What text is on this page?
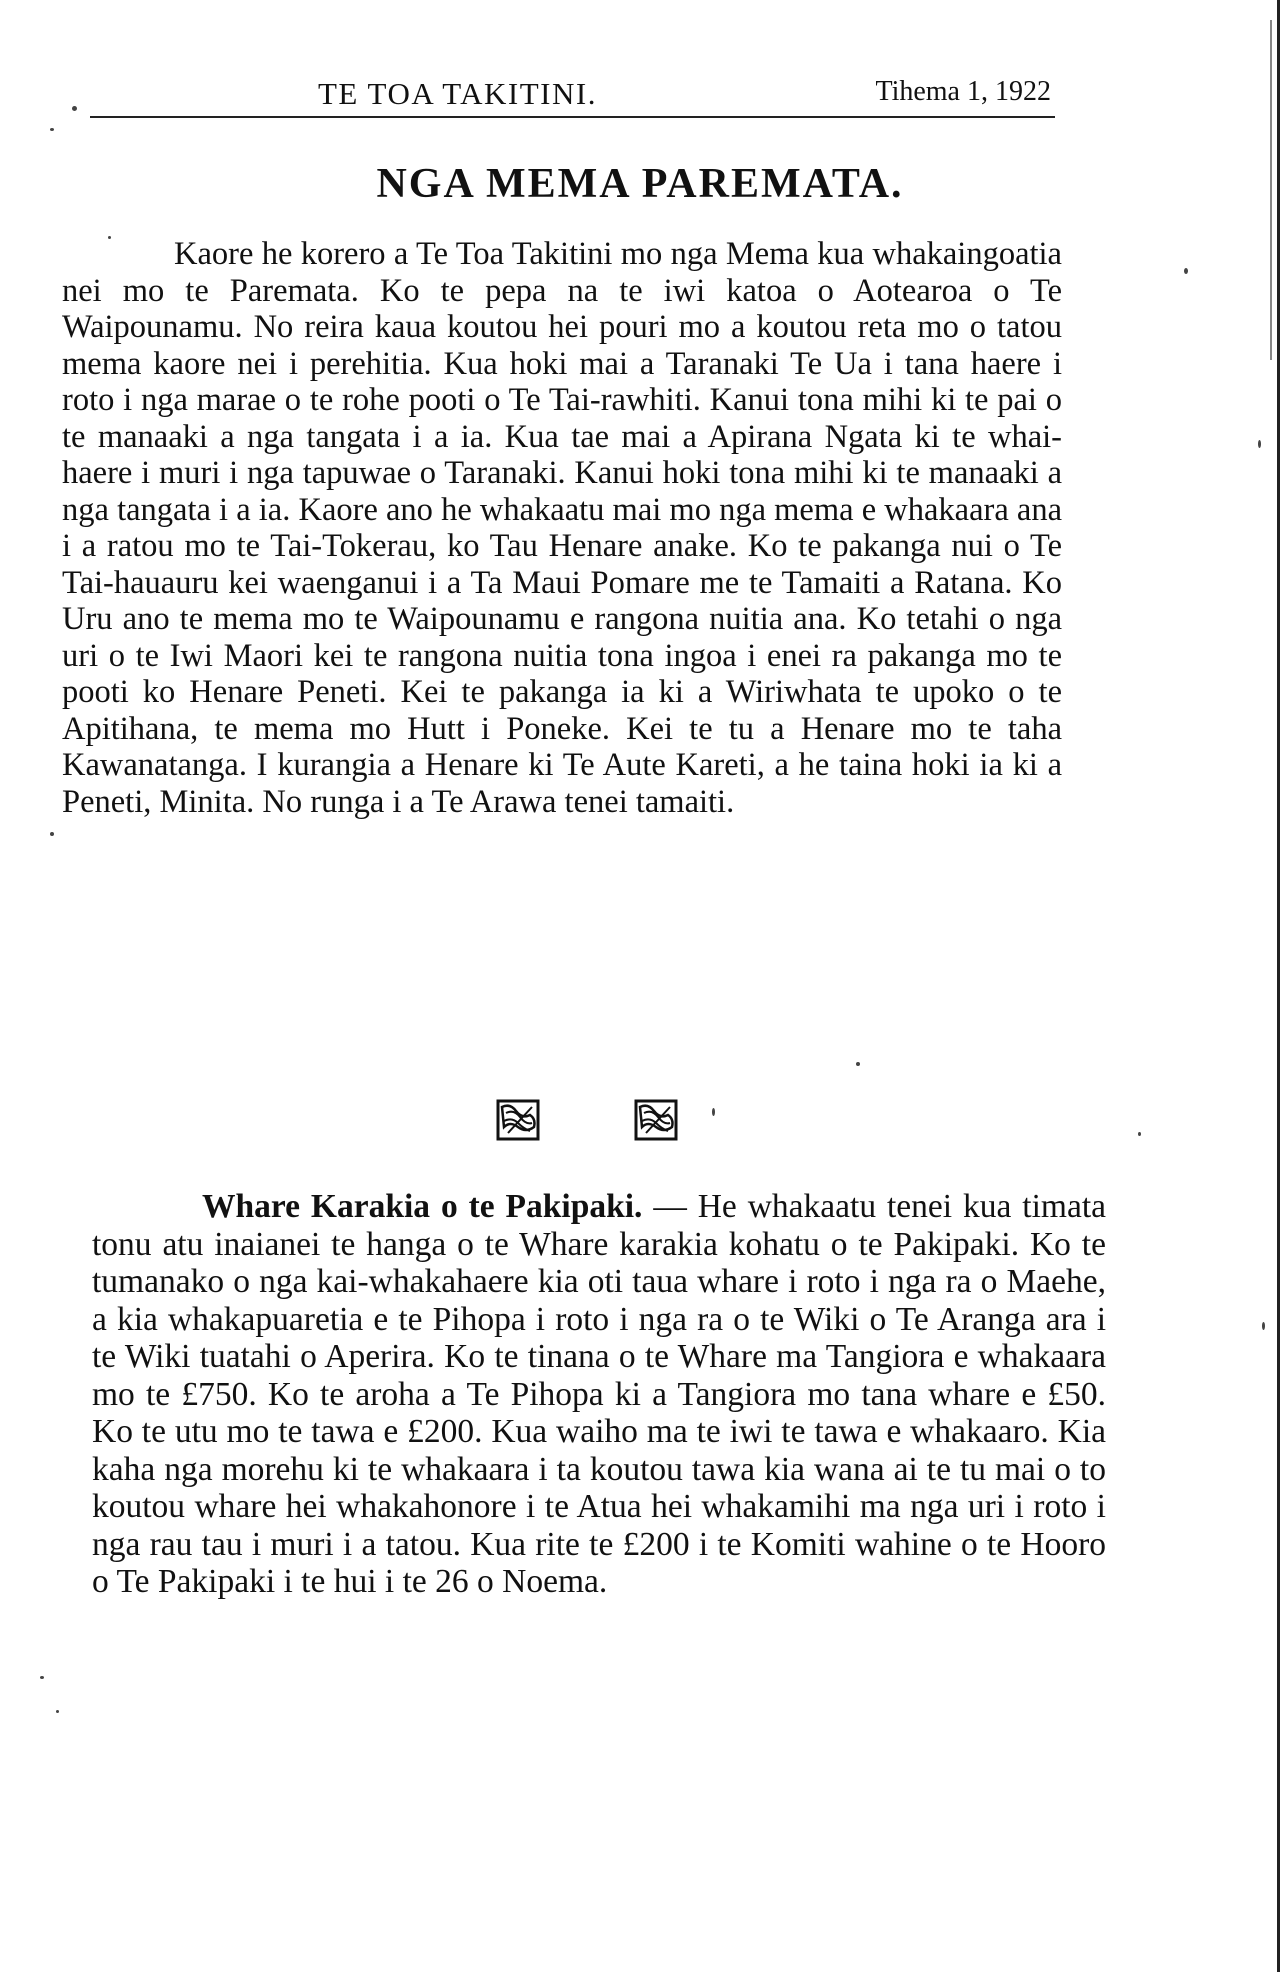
TE TOA TAKITINI.	Tihema 1, 1922
NGA MEMA PAREMATA.

Kaore he korero a Te Toa Takitini mo nga Mema kua whakaingoatia nei mo te Paremata. Ko te pepa na te iwi katoa o Aotearoa o Te Waipounamu. No reira kaua koutou hei pouri mo a koutou reta mo o tatou mema kaore nei i perehitia. Kua hoki mai a Taranaki Te Ua i tana haere i roto i nga marae o te rohe pooti o Te Tai-rawhiti. Kanui tona mihi ki te pai o te manaaki a nga tangata i a ia. Kua tae mai a Apirana Ngata ki te whai-haere i muri i nga tapuwae o Taranaki. Kanui hoki tona mihi ki te manaaki a nga tangata i a ia. Kaore ano he whakaatu mai mo nga mema e whakaara ana i a ratou mo te Tai-Tokerau, ko Tau Henare anake. Ko te pakanga nui o Te Tai-hauauru kei waenganui i a Ta Maui Pomare me te Tamaiti a Ratana. Ko Uru ano te mema mo te Waipounamu e rangona nuitia ana. Ko tetahi o nga uri o te Iwi Maori kei te rangona nuitia tona ingoa i enei ra pakanga mo te pooti ko Henare Peneti. Kei te pakanga ia ki a Wiriwhata te upoko o te Apitihana, te mema mo Hutt i Poneke. Kei te tu a Henare mo te taha Kawanatanga. I kurangia a Henare ki Te Aute Kareti, a he taina hoki ia ki a Peneti, Minita. No runga i a Te Arawa tenei tamaiti.

Whare Karakia o te Pakipaki. — He whakaatu tenei kua timata tonu atu inaianei te hanga o te Whare karakia kohatu o te Pakipaki. Ko te tumanako o nga kai-whakahaere kia oti taua whare i roto i nga ra o Maehe, a kia whakapuaretia e te Pihopa i roto i nga ra o te Wiki o Te Aranga ara i te Wiki tuatahi o Aperira. Ko te tinana o te Whare ma Tangiora e whakaara mo te £750. Ko te aroha a Te Pihopa ki a Tangiora mo tana whare e £50. Ko te utu mo te tawa e £200. Kua waiho ma te iwi te tawa e whakaaro. Kia kaha nga morehu ki te whakaara i ta koutou tawa kia wana ai te tu mai o to koutou whare hei whakahonore i te Atua hei whakamihi ma nga uri i roto i nga rau tau i muri i a tatou. Kua rite te £200 i te Komiti wahine o te Hooro o Te Pakipaki i te hui i te 26 o Noema.
